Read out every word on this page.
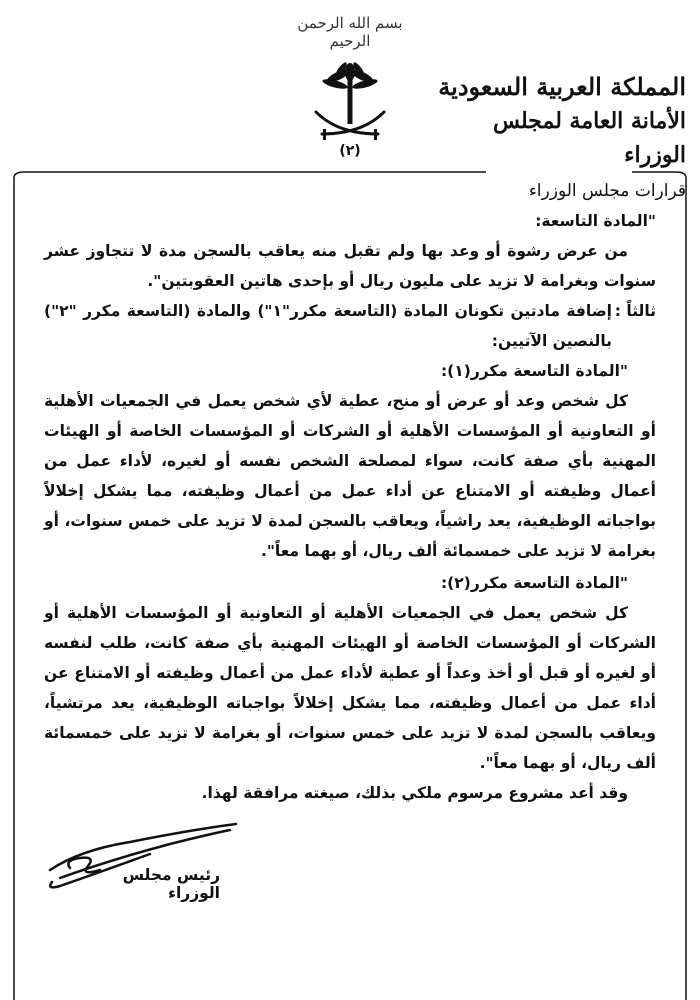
بسم الله الرحمن الرحيم
(٢)
المملكة العربية السعودية
الأمانة العامة لمجلس الوزراء
قرارات مجلس الوزراء

"المادة التاسعة:

من عرض رشوة أو وعد بها ولم تقبل منه يعاقب بالسجن مدة لا تتجاوز عشر سنوات وبغرامة لا تزيد على مليون ريال أو بإحدى هاتين العقوبتين".

ثالثاً :
إضافة مادتين تكونان المادة (التاسعة مكرر"١") والمادة (التاسعة مكرر "٢") بالنصين الآتيين:

"المادة التاسعة مكرر(١):

كل شخص وعد أو عرض أو منح، عطية لأي شخص يعمل في الجمعيات الأهلية أو التعاونية أو المؤسسات الأهلية أو الشركات أو المؤسسات الخاصة أو الهيئات المهنية بأي صفة كانت، سواء لمصلحة الشخص نفسه أو لغيره، لأداء عمل من أعمال وظيفته أو الامتناع عن أداء عمل من أعمال وظيفته، مما يشكل إخلالاً بواجباته الوظيفية، يعد راشياً، ويعاقب بالسجن لمدة لا تزيد على خمس سنوات، أو بغرامة لا تزيد على خمسمائة ألف ريال، أو بهما معاً".

"المادة التاسعة مكرر(٢):

كل شخص يعمل في الجمعيات الأهلية أو التعاونية أو المؤسسات الأهلية أو الشركات أو المؤسسات الخاصة أو الهيئات المهنية بأي صفة كانت، طلب لنفسه أو لغيره أو قبل أو أخذ وعداً أو عطية لأداء عمل من أعمال وظيفته أو الامتناع عن أداء عمل من أعمال وظيفته، مما يشكل إخلالاً بواجباته الوظيفية، يعد مرتشياً، ويعاقب بالسجن لمدة لا تزيد على خمس سنوات، أو بغرامة لا تزيد على خمسمائة ألف ريال، أو بهما معاً".

وقد أعد مشروع مرسوم ملكي بذلك، صيغته مرافقة لهذا.

رئيس مجلس الوزراء
